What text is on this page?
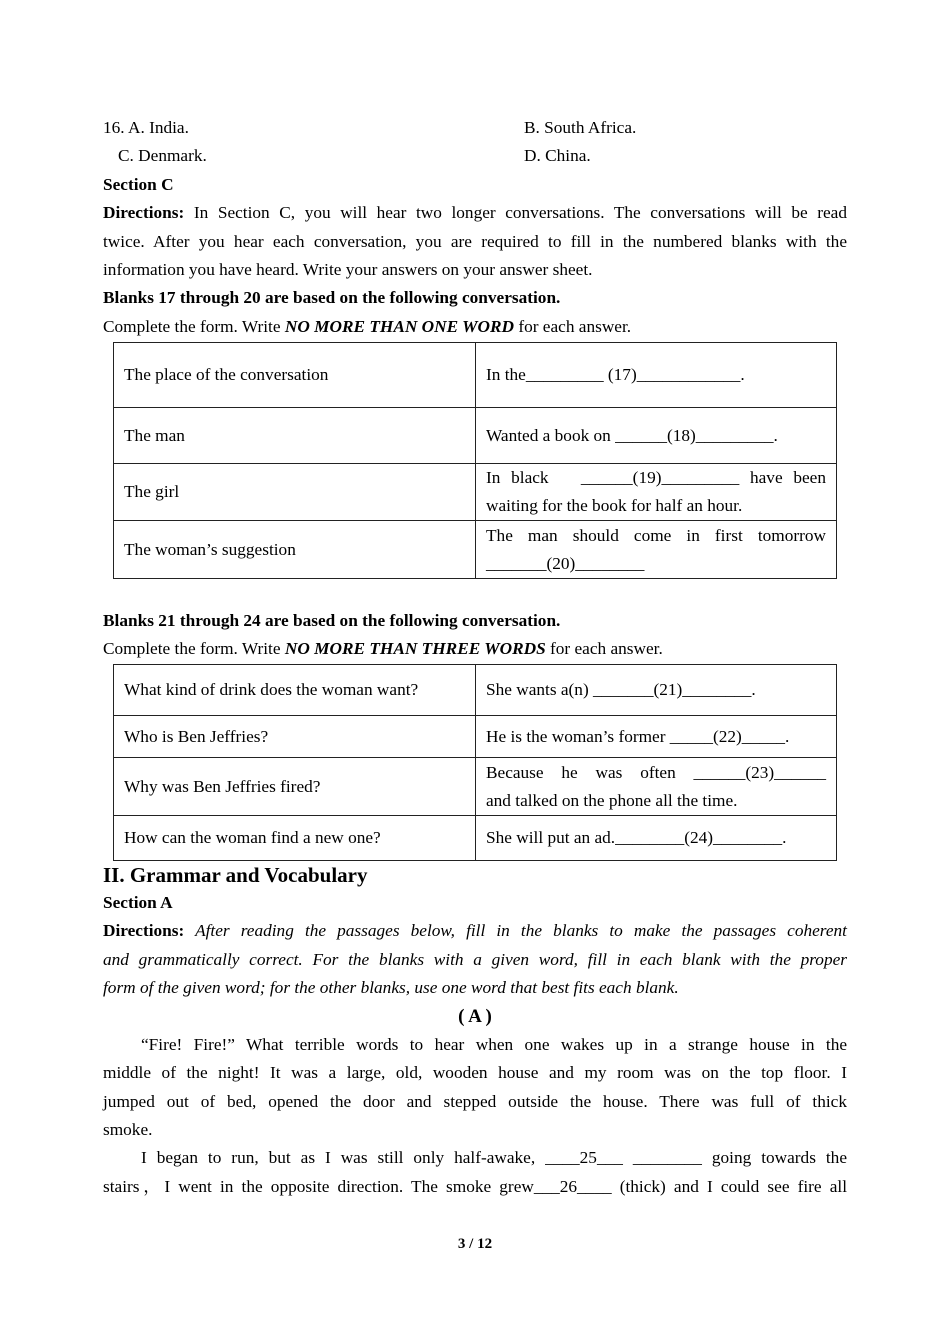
16. A. India.	B. South Africa.
C. Denmark.	D. China.
Section C
Directions: In Section C, you will hear two longer conversations. The conversations will be read
twice. After you hear each conversation, you are required to fill in the numbered blanks with the
information you have heard. Write your answers on your answer sheet.
Blanks 17 through 20 are based on the following conversation.
Complete the form. Write NO MORE THAN ONE WORD for each answer.
The place of the conversation	In the_________ (17)____________.
The man	Wanted a book on ______(18)_________.
The girl	In black   ______(19)_________ have been
waiting for the book for half an hour.

The woman’s suggestion	The man should come in first tomorrow
_______(20)________
Blanks 21 through 24 are based on the following conversation.
Complete the form. Write NO MORE THAN THREE WORDS for each answer.
What kind of drink does the woman want?	She wants a(n) _______(21)________.
Who is Ben Jeffries?	He is the woman’s former _____(22)_____.
Why was Ben Jeffries fired?	Because he was often ______(23)______
and talked on the phone all the time.

How can the woman find a new one?	She will put an ad.________(24)________.
II. Grammar and Vocabulary
Section A
Directions: After reading the passages below, fill in the blanks to make the passages coherent
and grammatically correct. For the blanks with a given word, fill in each blank with the proper
form of the given word; for the other blanks, use one word that best fits each blank.
( A )
“Fire! Fire!” What terrible words to hear when one wakes up in a strange house in the
middle of the night! It was a large, old, wooden house and my room was on the top floor. I
jumped out of bed, opened the door and stepped outside the house. There was full of thick
smoke.
I began to run, but as I was still only half-awake, ____25___ ________ going towards the
stairs，I went in the opposite direction. The smoke grew___26____ (thick) and I could see fire all
3 / 12
